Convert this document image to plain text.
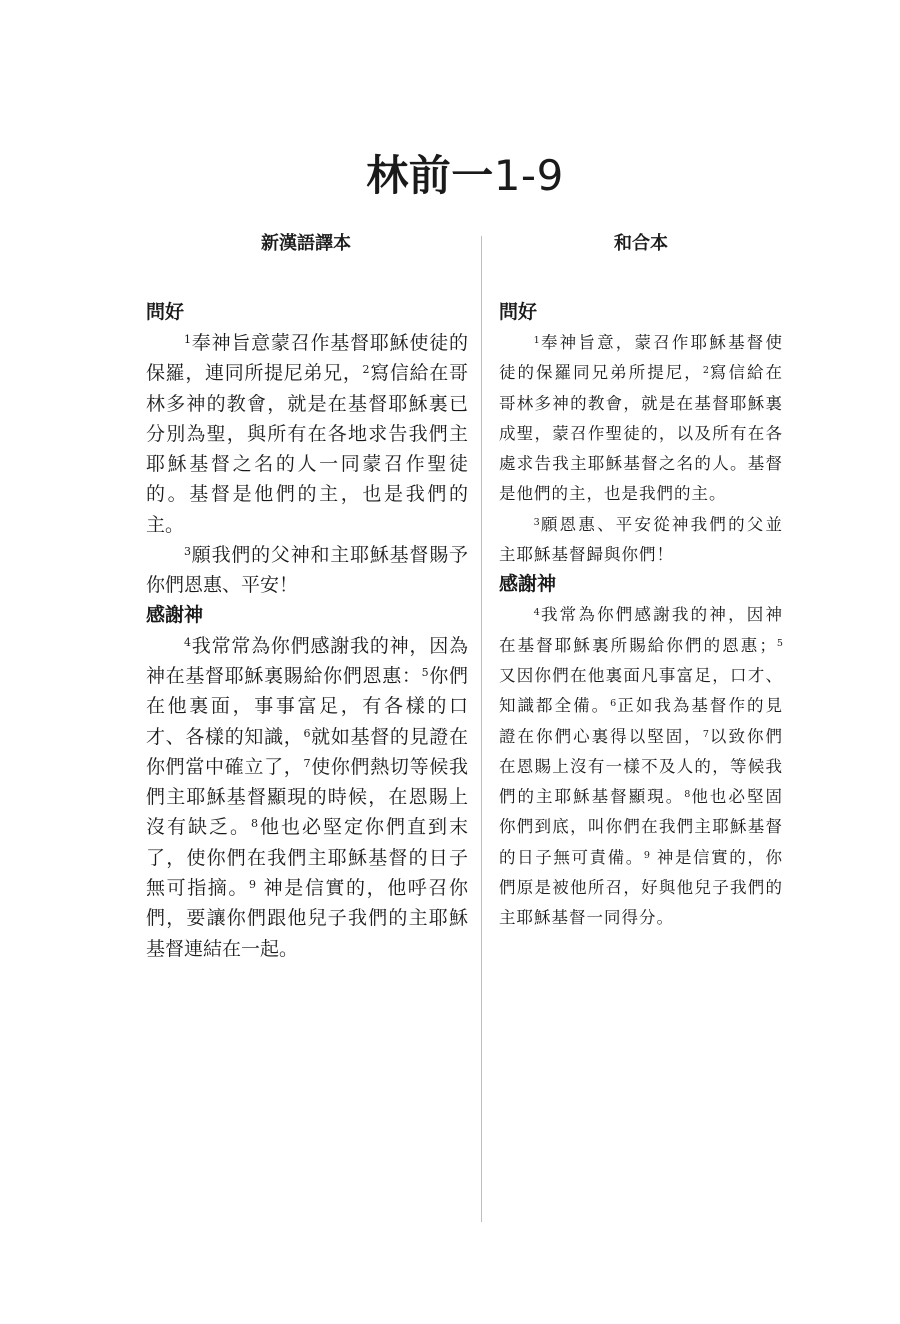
林前一1-9
新漢語譯本	和合本
問好

$^1$奉神旨意蒙召作基督耶穌使徒的保羅，連同所提尼弟兄，$^2$寫信給在哥林多神的教會，就是在基督耶穌裏已分別為聖，與所有在各地求告我們主耶穌基督之名的人一同蒙召作聖徒的。基督是他們的主，也是我們的主。

$^3$願我們的父神和主耶穌基督賜予你們恩惠、平安！

感謝神

$^4$我常常為你們感謝我的神，因為神在基督耶穌裏賜給你們恩惠：$^5$你們在他裏面，事事富足，有各樣的口才、各樣的知識，$^6$就如基督的見證在你們當中確立了，$^7$使你們熱切等候我們主耶穌基督顯現的時候，在恩賜上沒有缺乏。$^8$他也必堅定你們直到末了，使你們在我們主耶穌基督的日子無可指摘。$^9$ 神是信實的，他呼召你們，要讓你們跟他兒子我們的主耶穌基督連結在一起。

問好

$^1$奉神旨意，蒙召作耶穌基督使徒的保羅同兄弟所提尼，$^2$寫信給在哥林多神的教會，就是在基督耶穌裏成聖，蒙召作聖徒的，以及所有在各處求告我主耶穌基督之名的人。基督是他們的主，也是我們的主。

$^3$願恩惠、平安從神我們的父並主耶穌基督歸與你們！

感謝神

$^4$我常為你們感謝我的神，因神在基督耶穌裏所賜給你們的恩惠；$^5$又因你們在他裏面凡事富足，口才、知識都全備。$^6$正如我為基督作的見證在你們心裏得以堅固，$^7$以致你們在恩賜上沒有一樣不及人的，等候我們的主耶穌基督顯現。$^8$他也必堅固你們到底，叫你們在我們主耶穌基督的日子無可責備。$^9$ 神是信實的，你們原是被他所召，好與他兒子我們的主耶穌基督一同得分。
